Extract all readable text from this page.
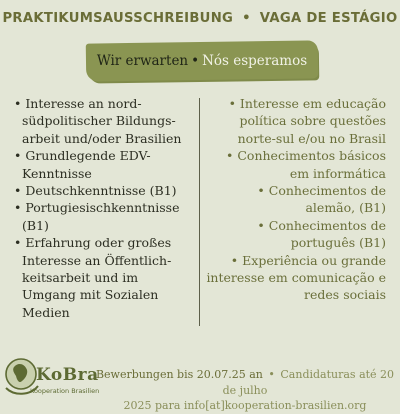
PRAKTIKUMSAUSSCHREIBUNG • VAGA DE ESTÁGIO
Wir erwarten • Nós esperamos
• Interesse an nord-südpolitischer Bildungs-arbeit und/oder Brasilien
• Grundlegende EDV-Kenntnisse
• Deutschkenntnisse (B1)
• Portugiesischkenntnisse (B1)
• Erfahrung oder großes Interesse an Öffentlich-keitsarbeit und im Umgang mit Sozialen Medien
• Interesse em educação política sobre questões norte-sul e/ou no Brasil
• Conhecimentos básicos em informática
• Conhecimentos de alemão, (B1)
• Conhecimentos de português (B1)
• Experiência ou grande interesse em comunicação e redes sociais
KoBra
Kooperation Brasilien
Bewerbungen bis 20.07.25 an • Candidaturas até 20 de julho
2025 para info[at]kooperation-brasilien.org
